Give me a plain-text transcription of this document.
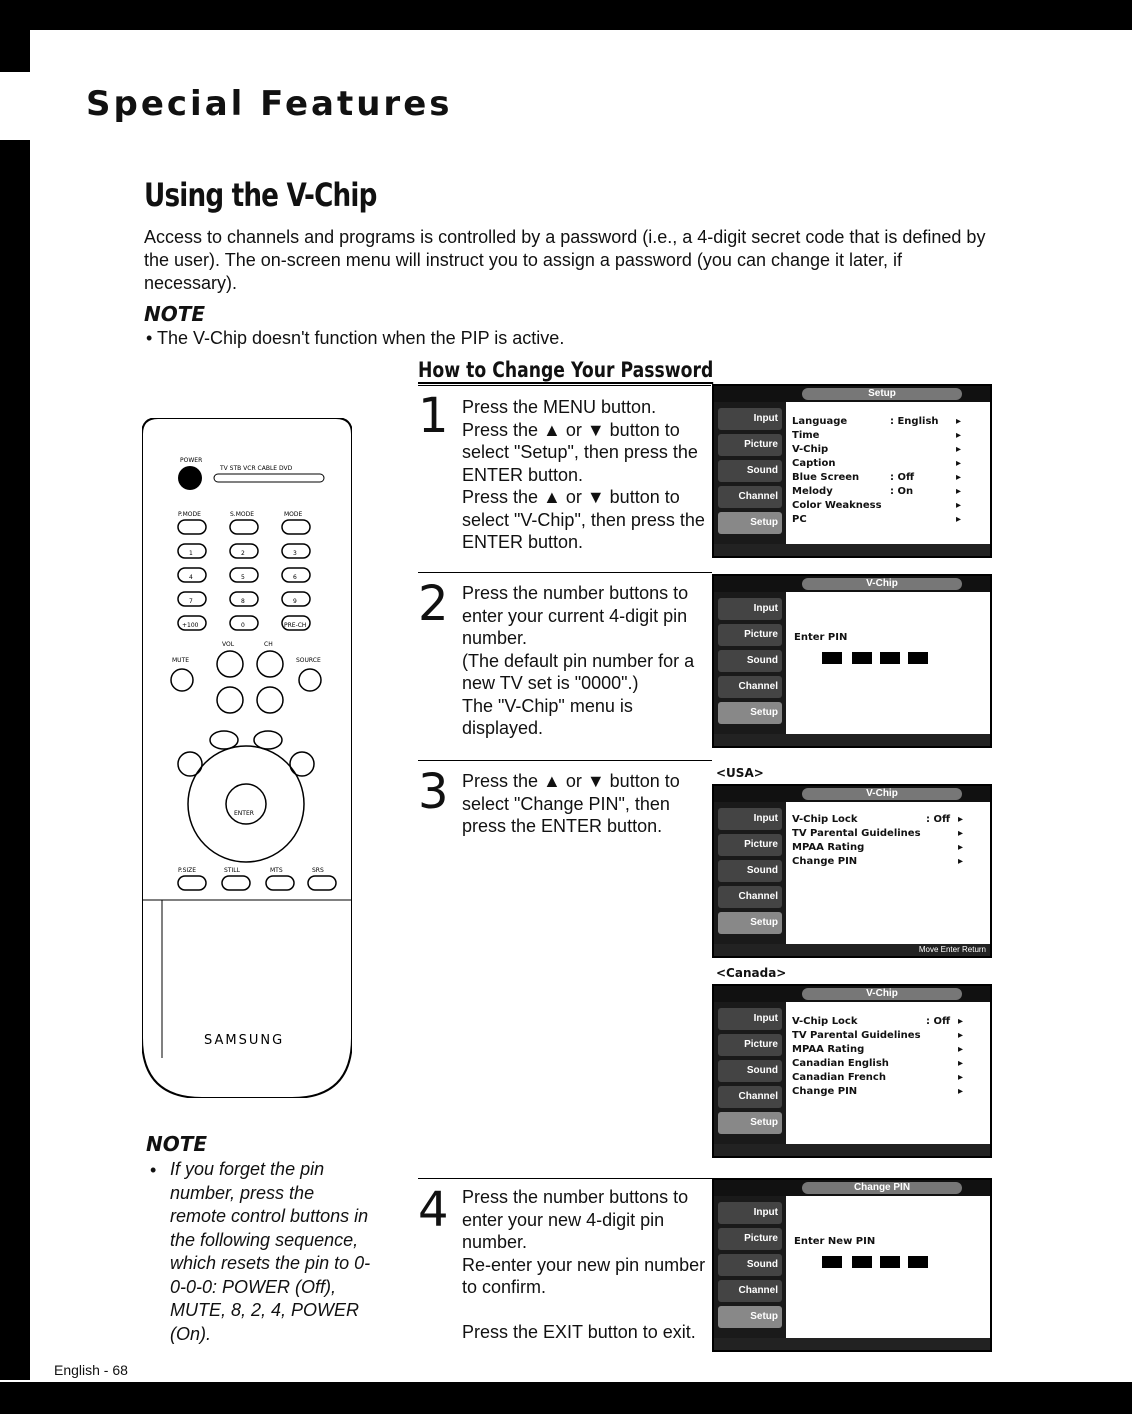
Special Features
Using the V-Chip
Access to channels and programs is controlled by a password (i.e., a 4-digit secret code that is defined by the user). The on-screen menu will instruct you to assign a password (you can change it later, if necessary).
NOTE
• The V-Chip doesn't function when the PIP is active.
How to Change Your Password
POWER
TV STB VCR CABLE DVD
P.MODE	S.MODE	MODE
1	2	3
4	5	6
7	8	9
+100	0	PRE-CH
VOL	CH
MUTE	SOURCE
ENTER
P.SIZE	STILL	MTS	SRS
SAMSUNG
NOTE
• If you forget the pin number, press the remote control buttons in the following sequence, which resets the pin to 0-0-0-0: POWER (Off), MUTE, 8, 2, 4, POWER (On).
1 Press the MENU button.
Press the ▲ or ▼ button to select "Setup", then press the ENTER button.
Press the ▲ or ▼ button to select "V-Chip", then press the ENTER button.
Setup
Input
Picture
Sound
Channel
Setup
Language	: English ▸
Time	▸
V-Chip	▸
Caption	▸
Blue Screen	: Off	▸
Melody	: On	▸
Color Weakness	▸
PC	▸
2 Press the number buttons to enter your current 4-digit pin number.
(The default pin number for a new TV set is "0000".)
The "V-Chip" menu is displayed.
V-Chip
Input
Picture
Sound
Channel
Setup
Enter PIN
3 Press the ▲ or ▼ button to select "Change PIN", then press the ENTER button.
<USA>
V-Chip
Input
Picture
Sound
Channel
Setup
V-Chip Lock	: Off ▸
TV Parental Guidelines	▸
MPAA Rating	▸
Change PIN	▸
Move Enter Return
<Canada>
V-Chip
Input
Picture
Sound
Channel
Setup
V-Chip Lock	: Off ▸
TV Parental Guidelines	▸
MPAA Rating	▸
Canadian English	▸
Canadian French	▸
Change PIN	▸
4 Press the number buttons to enter your new 4-digit pin number.
Re-enter your new pin number to confirm.

Press the EXIT button to exit.
Change PIN
Input
Picture
Sound
Channel
Setup
Enter New PIN
English - 68
